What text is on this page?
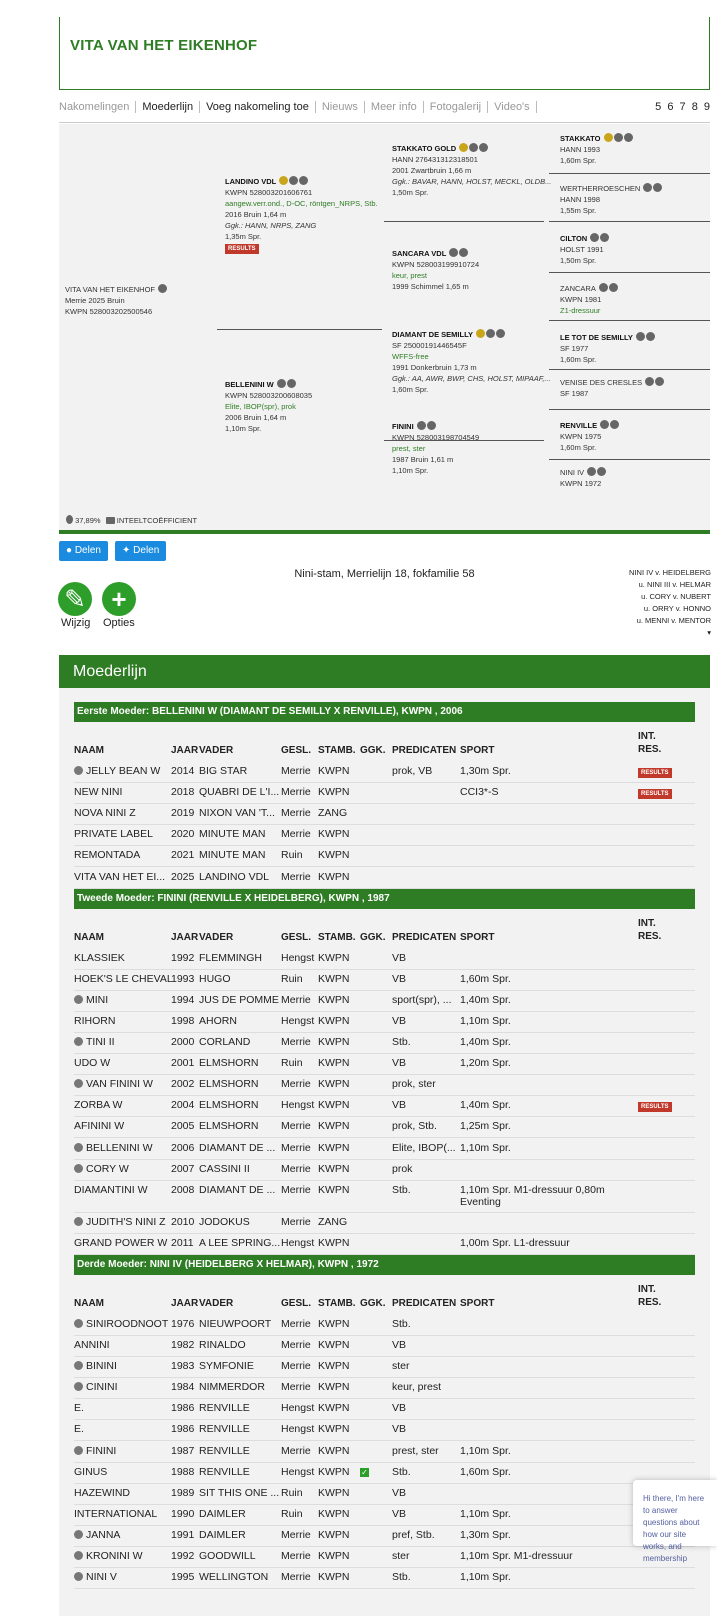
VITA VAN HET EIKENHOF
Nakomelingen Moederlijn Voeg nakomeling toe Nieuws Meer info Fotogalerij Video's	5 6 7 8 9
VITA VAN HET EIKENHOF
Merrie 2025 Bruin
KWPN 528003202500546
LANDINO VDL
KWPN 528003201606761
aangew.verr.ond., D-OC, röntgen_NRPS, Stb.
2016 Bruin 1,64 m
Ggk.: HANN, NRPS, ZANG
1,35m Spr.
RESULTS
BELLENINI W
KWPN 528003200608035
Elite, IBOP(spr), prok
2006 Bruin 1,64 m
1,10m Spr.
STAKKATO GOLD
HANN 276431312318501
2001 Zwartbruin 1,66 m
Ggk.: BAVAR, HANN, HOLST, MECKL, OLDB...
1,50m Spr.
SANCARA VDL
KWPN 528003199910724
keur, prest
1999 Schimmel 1,65 m
DIAMANT DE SEMILLY
SF 25000191446545F
WFFS-free
1991 Donkerbruin 1,73 m
Ggk.: AA, AWR, BWP, CHS, HOLST, MIPAAF,...
1,60m Spr.
FININI
KWPN 528003198704549
prest, ster
1987 Bruin 1,61 m
1,10m Spr.
STAKKATO
HANN 1993
1,60m Spr.
WERTHERROESCHEN
HANN 1998
1,55m Spr.
CILTON
HOLST 1991
1,50m Spr.
ZANCARA
KWPN 1981
Z1-dressuur
LE TOT DE SEMILLY
SF 1977
1,60m Spr.
VENISE DES CRESLES
SF 1987
RENVILLE
KWPN 1975
1,60m Spr.
NINI IV
KWPN 1972
37,89% INTEELTCOËFFICIENT
● Delen	✦ Delen
Nini-stam, Merrielijn 18, fokfamilie 58
✎
Wijzig
+
Opties
NINI IV v. HEIDELBERG
u. NINI III v. HELMAR
u. CORY v. NUBERT
u. ORRY v. HONNO
u. MENNI v. MENTOR
▾
Moederlijn
Eerste Moeder: BELLENINI W (DIAMANT DE SEMILLY X RENVILLE), KWPN , 2006
NAAM	JAAR VADER	GESL. STAMB. GGK. PREDICATEN SPORT
INT. RES.
JELLY BEAN W	2014 BIG STAR	Merrie KWPN	prok, VB	1,30m Spr.	RESULTS
NEW NINI	2018 QUABRI DE L'I... Merrie KWPN	CCI3*-S	RESULTS
NOVA NINI Z	2019 NIXON VAN 'T... Merrie ZANG
PRIVATE LABEL	2020 MINUTE MAN	Merrie KWPN
REMONTADA	2021 MINUTE MAN	Ruin	KWPN
VITA VAN HET EI... 2025 LANDINO VDL	Merrie KWPN
Tweede Moeder: FININI (RENVILLE X HEIDELBERG), KWPN , 1987
NAAM	JAAR VADER	GESL. STAMB. GGK. PREDICATEN SPORT
INT. RES.
KLASSIEK	1992 FLEMMINGH	Hengst KWPN	VB
HOEK'S LE CHEVAL
1993 HUGO	Ruin	KWPN	VB	1,60m Spr.
MINI	1994 JUS DE POMME Merrie KWPN	sport(spr), ... 1,40m Spr.
RIHORN	1998 AHORN	Hengst KWPN	VB	1,10m Spr.
TINI II	2000 CORLAND	Merrie KWPN	Stb.	1,40m Spr.
UDO W	2001 ELMSHORN	Ruin	KWPN	VB	1,20m Spr.
VAN FININI W	2002 ELMSHORN	Merrie KWPN	prok, ster
ZORBA W	2004 ELMSHORN	Hengst KWPN	VB	1,40m Spr.	RESULTS
AFININI W	2005 ELMSHORN	Merrie KWPN	prok, Stb.	1,25m Spr.
BELLENINI W	2006 DIAMANT DE ... Merrie KWPN	Elite, IBOP(... 1,10m Spr.
CORY W	2007 CASSINI II	Merrie KWPN	prok
DIAMANTINI W	2008 DIAMANT DE ... Merrie KWPN	Stb.	1,10m Spr. M1-dressuur 0,80m Eventing
JUDITH'S NINI Z 2010 JODOKUS	Merrie ZANG
GRAND POWER W 2011 A LEE SPRING... Hengst KWPN	1,00m Spr. L1-dressuur
Derde Moeder: NINI IV (HEIDELBERG X HELMAR), KWPN , 1972
NAAM	JAAR VADER	GESL. STAMB. GGK. PREDICATEN SPORT
INT. RES.
SINIROODNOOT 1976 NIEUWPOORT Merrie KWPN	Stb.
ANNINI	1982 RINALDO	Merrie KWPN	VB
BININI	1983 SYMFONIE	Merrie KWPN	ster
CININI	1984 NIMMERDOR	Merrie KWPN	keur, prest
E.	1986 RENVILLE	Hengst KWPN	VB
E.	1986 RENVILLE	Hengst KWPN	VB
FININI	1987 RENVILLE	Merrie KWPN	prest, ster	1,10m Spr.
GINUS	1988 RENVILLE	Hengst KWPN	✓	Stb.	1,60m Spr.
HAZEWIND	1989 SIT THIS ONE ... Ruin	KWPN	VB
INTERNATIONAL	1990 DAIMLER	Ruin	KWPN	VB	1,10m Spr.
JANNA	1991 DAIMLER	Merrie KWPN	pref, Stb.	1,30m Spr.
KRONINI W	1992 GOODWILL	Merrie KWPN	ster	1,10m Spr. M1-dressuur
NINI V	1995 WELLINGTON	Merrie KWPN	Stb.	1,10m Spr.
Hi there, I'm here to answer questions about how our site works, and membership
